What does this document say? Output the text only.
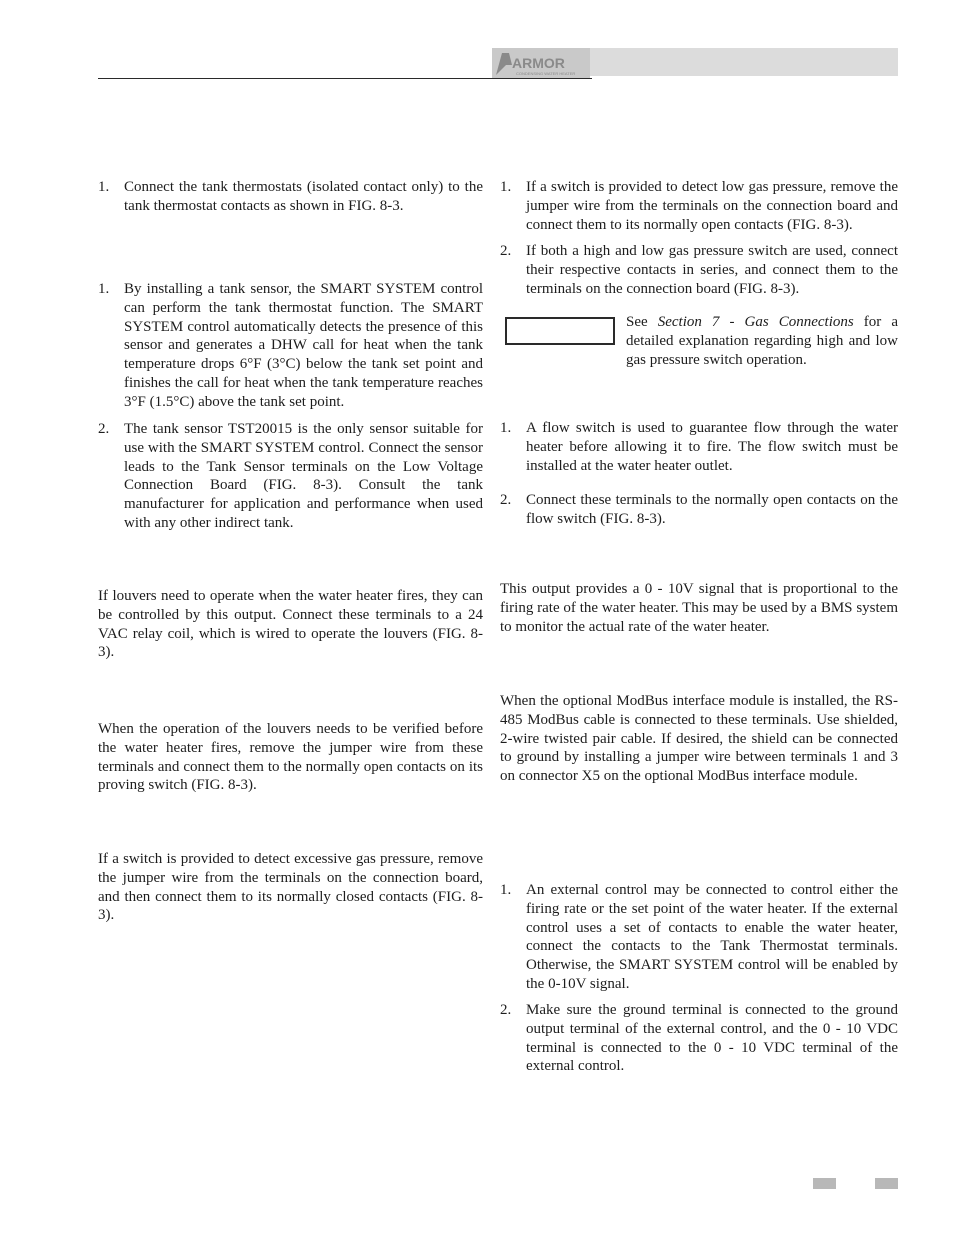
ARMOR
CONDENSING WATER HEATER
1. Connect the tank thermostats (isolated contact only) to the tank thermostat contacts as shown in FIG. 8-3.
1. By installing a tank sensor, the SMART SYSTEM control can perform the tank thermostat function. The SMART SYSTEM control automatically detects the presence of this sensor and generates a DHW call for heat when the tank temperature drops 6°F (3°C) below the tank set point and finishes the call for heat when the tank temperature reaches 3°F (1.5°C) above the tank set point.
2. The tank sensor TST20015 is the only sensor suitable for use with the SMART SYSTEM control. Connect the sensor leads to the Tank Sensor terminals on the Low Voltage Connection Board (FIG. 8-3). Consult the tank manufacturer for application and performance when used with any other indirect tank.
If louvers need to operate when the water heater fires, they can be controlled by this output. Connect these terminals to a 24 VAC relay coil, which is wired to operate the louvers (FIG. 8-3).
When the operation of the louvers needs to be verified before the water heater fires, remove the jumper wire from these terminals and connect them to the normally open contacts on its proving switch (FIG. 8-3).
If a switch is provided to detect excessive gas pressure, remove the jumper wire from the terminals on the connection board, and then connect them to its normally closed contacts (FIG. 8-3).
1. If a switch is provided to detect low gas pressure, remove the jumper wire from the terminals on the connection board and connect them to its normally open contacts (FIG. 8-3).
2. If both a high and low gas pressure switch are used, connect their respective contacts in series, and connect them to the terminals on the connection board (FIG. 8-3).
1. A flow switch is used to guarantee flow through the water heater before allowing it to fire. The flow switch must be installed at the water heater outlet.
2. Connect these terminals to the normally open contacts on the flow switch (FIG. 8-3).
This output provides a 0 - 10V signal that is proportional to the firing rate of the water heater. This may be used by a BMS system to monitor the actual rate of the water heater.
When the optional ModBus interface module is installed, the RS-485 ModBus cable is connected to these terminals. Use shielded, 2-wire twisted pair cable. If desired, the shield can be connected to ground by installing a jumper wire between terminals 1 and 3 on connector X5 on the optional ModBus interface module.
1. An external control may be connected to control either the firing rate or the set point of the water heater. If the external control uses a set of contacts to enable the water heater, connect the contacts to the Tank Thermostat terminals. Otherwise, the SMART SYSTEM control will be enabled by the 0-10V signal.
2. Make sure the ground terminal is connected to the ground output terminal of the external control, and the 0 - 10 VDC terminal is connected to the 0 - 10 VDC terminal of the external control.
See Section 7 - Gas Connections for a detailed explanation regarding high and low gas pressure switch operation.
